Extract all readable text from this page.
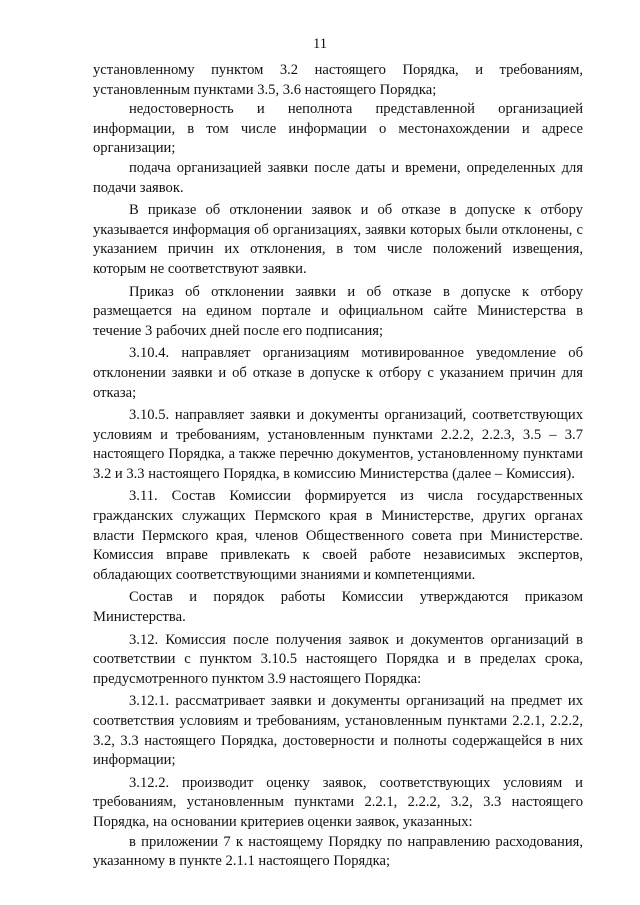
11

установленному пунктом 3.2 настоящего Порядка, и требованиям, установленным пунктами 3.5, 3.6 настоящего Порядка;

недостоверность и неполнота представленной организацией информации, в том числе информации о местонахождении и адресе организации;

подача организацией заявки после даты и времени, определенных для подачи заявок.

В приказе об отклонении заявок и об отказе в допуске к отбору указывается информация об организациях, заявки которых были отклонены, с указанием причин их отклонения, в том числе положений извещения, которым не соответствуют заявки.

Приказ об отклонении заявки и об отказе в допуске к отбору размещается на едином портале и официальном сайте Министерства в течение 3 рабочих дней после его подписания;

3.10.4. направляет организациям мотивированное уведомление об отклонении заявки и об отказе в допуске к отбору с указанием причин для отказа;

3.10.5. направляет заявки и документы организаций, соответствующих условиям и требованиям, установленным пунктами 2.2.2, 2.2.3, 3.5 – 3.7 настоящего Порядка, а также перечню документов, установленному пунктами 3.2 и 3.3 настоящего Порядка, в комиссию Министерства (далее – Комиссия).

3.11. Состав Комиссии формируется из числа государственных гражданских служащих Пермского края в Министерстве, других органах власти Пермского края, членов Общественного совета при Министерстве. Комиссия вправе привлекать к своей работе независимых экспертов, обладающих соответствующими знаниями и компетенциями.

Состав и порядок работы Комиссии утверждаются приказом Министерства.

3.12. Комиссия после получения заявок и документов организаций в соответствии с пунктом 3.10.5 настоящего Порядка и в пределах срока, предусмотренного пунктом 3.9 настоящего Порядка:

3.12.1. рассматривает заявки и документы организаций на предмет их соответствия условиям и требованиям, установленным пунктами 2.2.1, 2.2.2, 3.2, 3.3 настоящего Порядка, достоверности и полноты содержащейся в них информации;

3.12.2. производит оценку заявок, соответствующих условиям и требованиям, установленным пунктами 2.2.1, 2.2.2, 3.2, 3.3 настоящего Порядка, на основании критериев оценки заявок, указанных:

в приложении 7 к настоящему Порядку по направлению расходования, указанному в пункте 2.1.1 настоящего Порядка;
